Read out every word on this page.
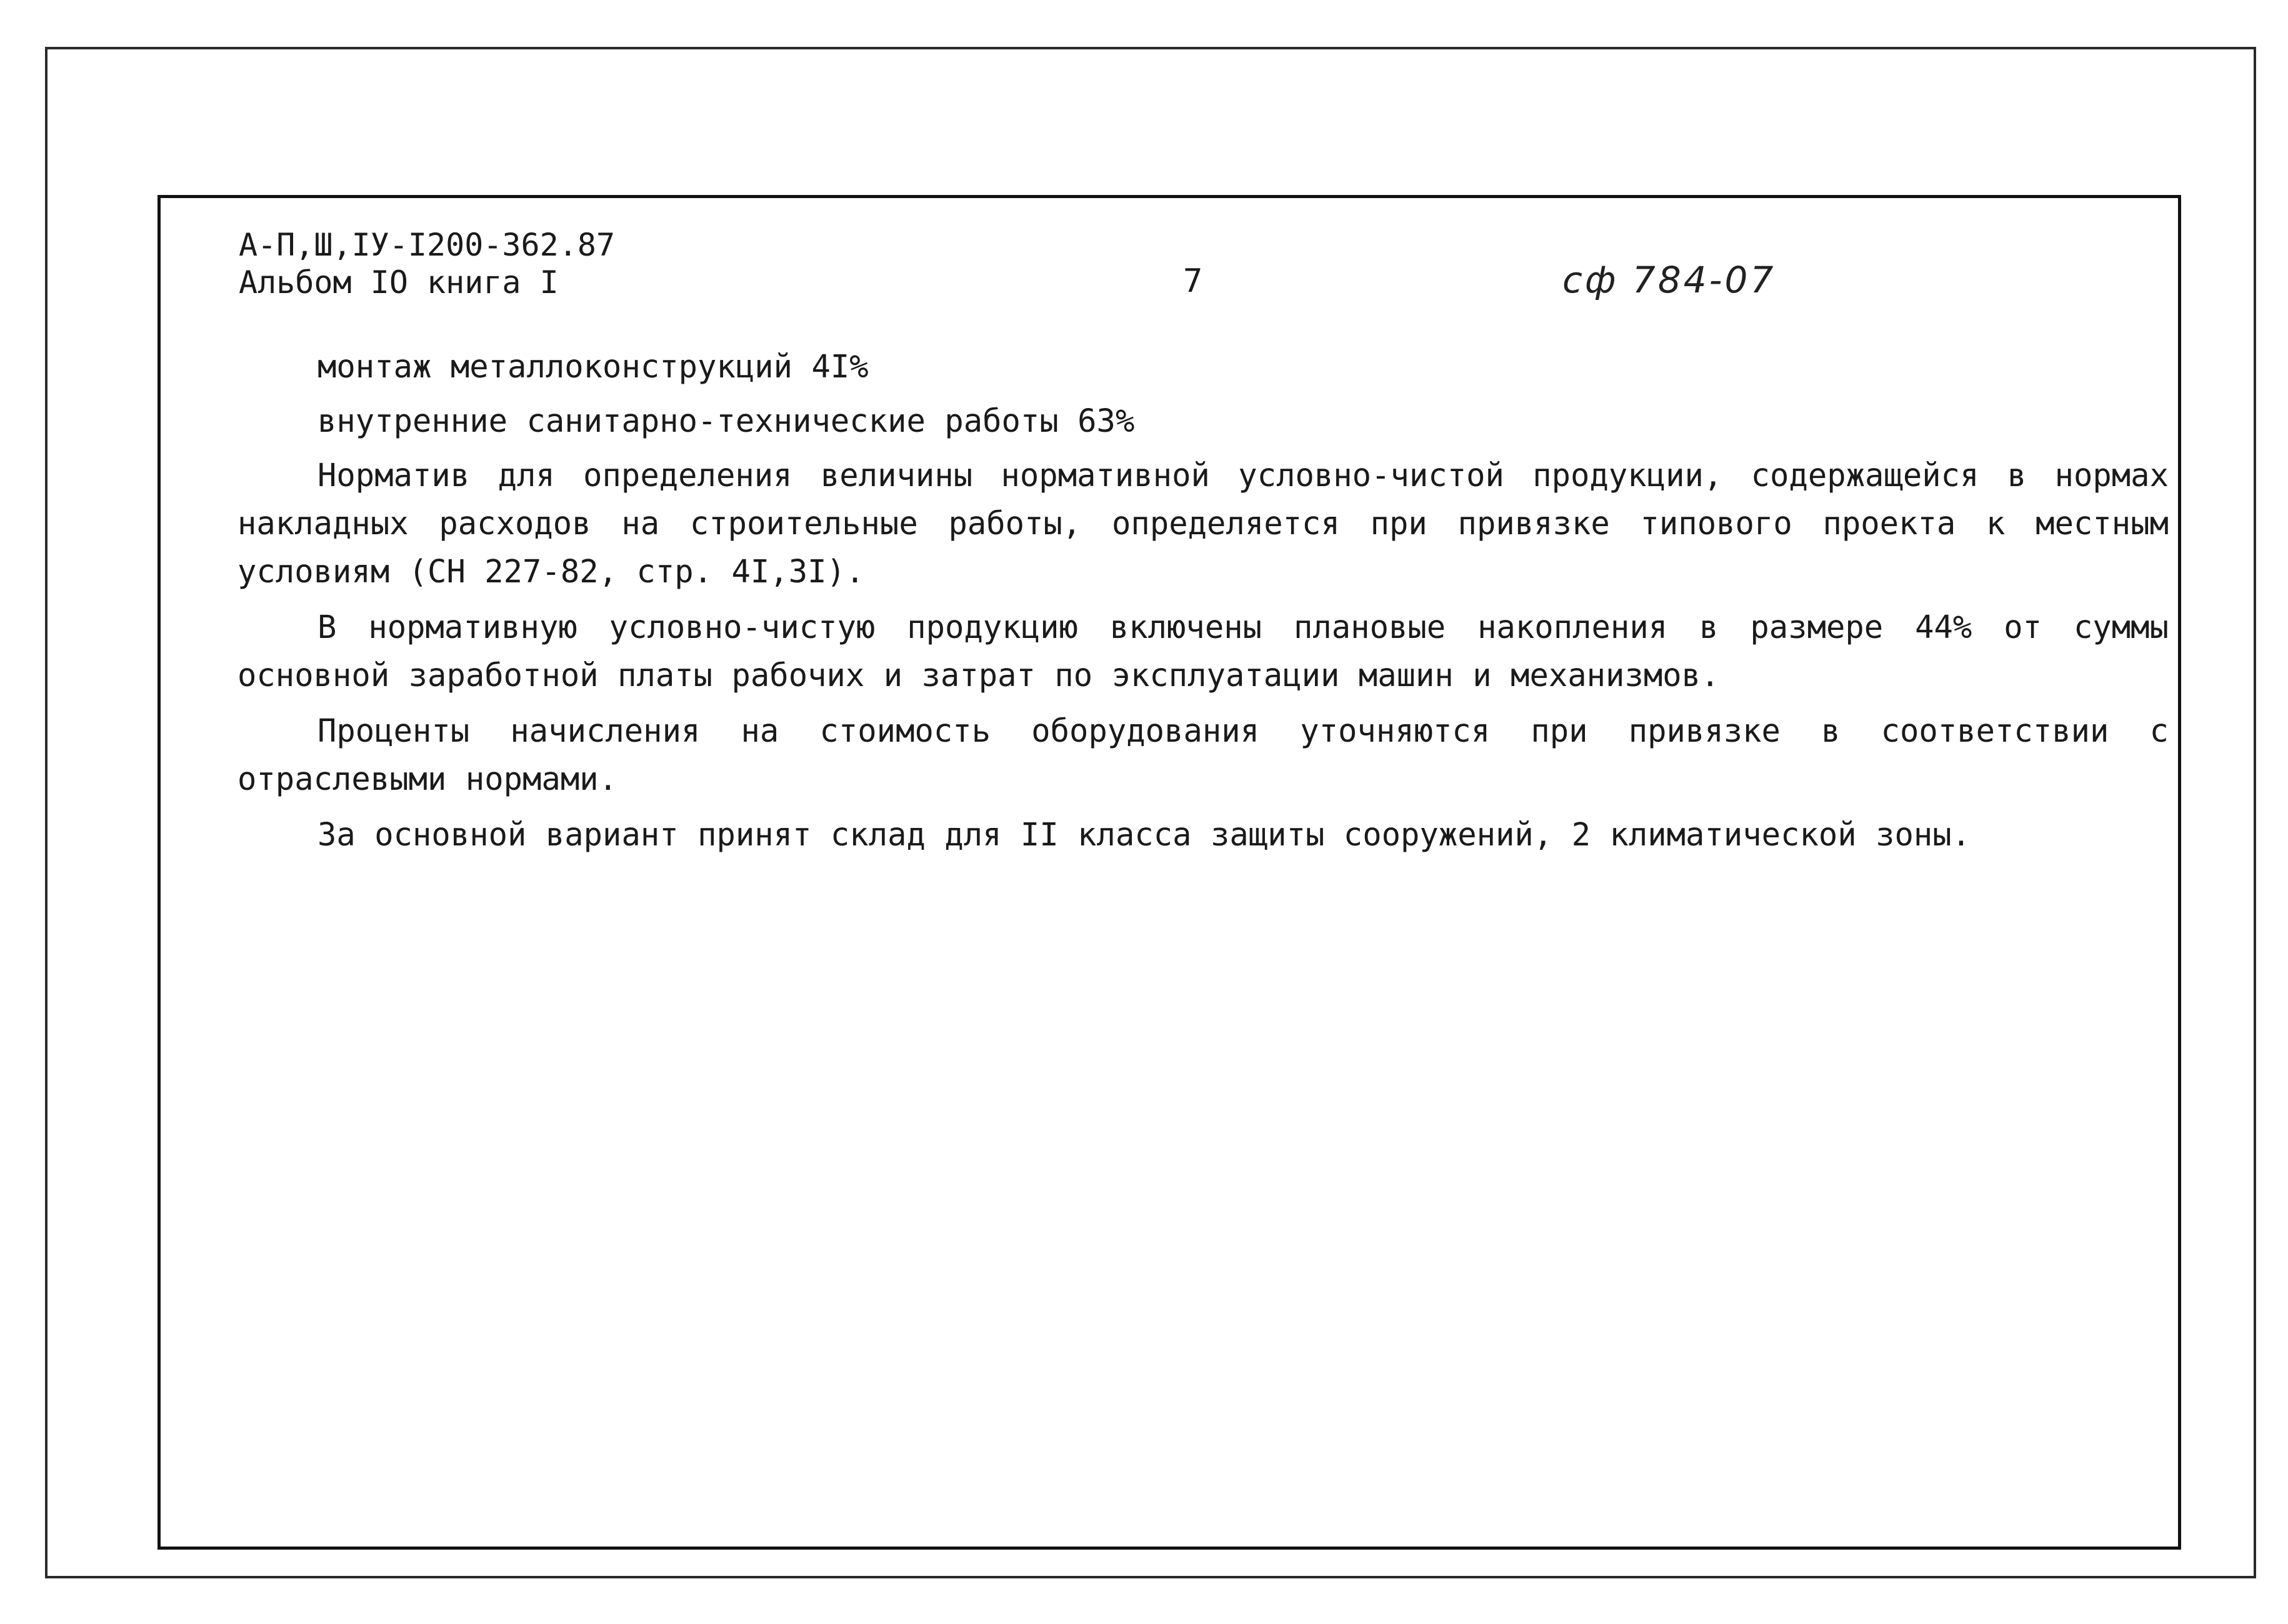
А-П,Ш,IУ-I200-362.87
Альбом IO книга I	7	сф 784-07

монтаж металлоконструкций 4I%

внутренние санитарно-технические работы 63%

Норматив для определения величины нормативной условно-чистой продукции, содержащейся в нормах накладных расходов на строительные работы, определяется при привязке типового проекта к местным условиям (СН 227-82, стр. 4I,3I).

В нормативную условно-чистую продукцию включены плановые накопления в размере 44% от суммы основной заработной платы рабочих и затрат по эксплуатации машин и механизмов.

Проценты начисления на стоимость оборудования уточняются при привязке в соответствии с отраслевыми нормами.

За основной вариант принят склад для II класса защиты сооружений, 2 климатической зоны.
